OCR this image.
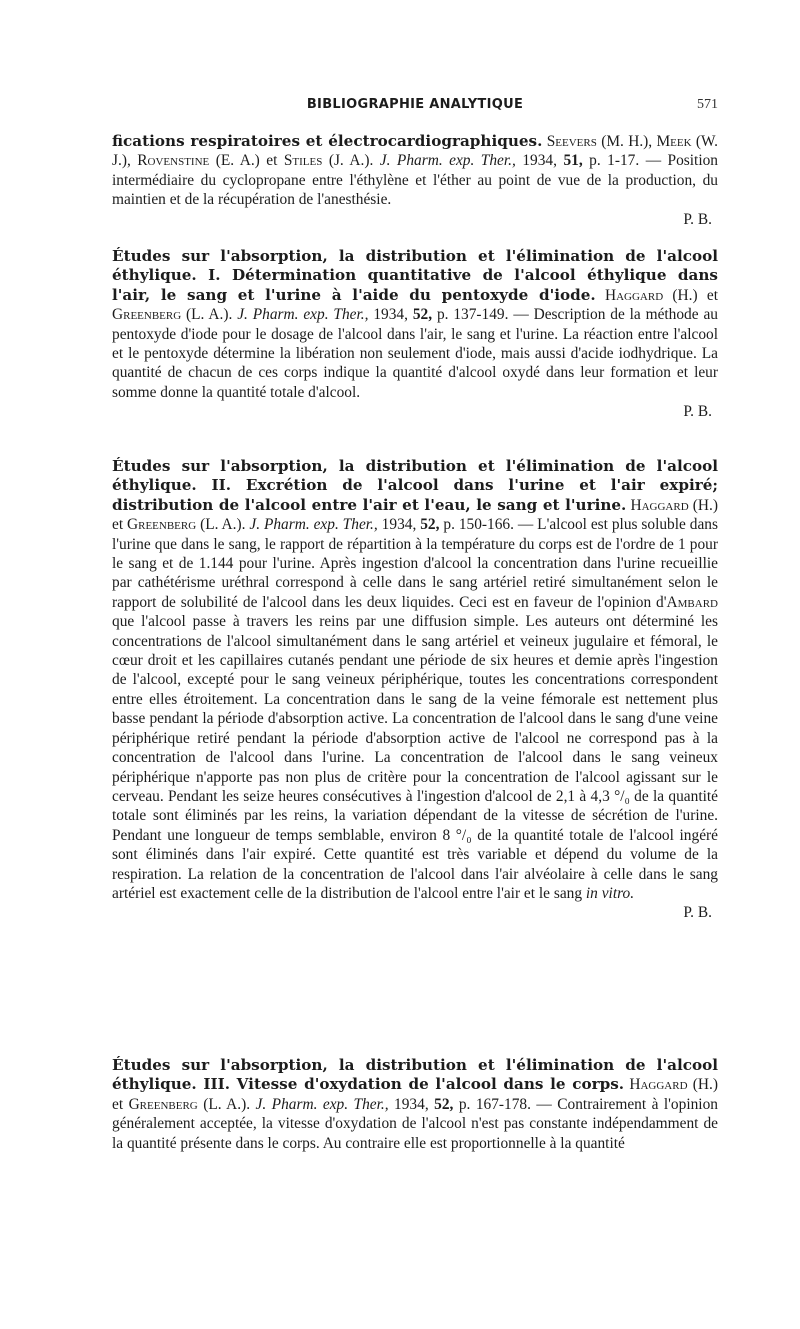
BIBLIOGRAPHIE ANALYTIQUE	571
fications respiratoires et électrocardiographiques. Seevers (M. H.), Meek (W. J.), Rovenstine (E. A.) et Stiles (J. A.). J. Pharm. exp. Ther., 1934, 51, p. 1-17. — Position intermédiaire du cyclopropane entre l'éthylène et l'éther au point de vue de la production, du maintien et de la récupération de l'anesthésie.
P. B.
Études sur l'absorption, la distribution et l'élimination de l'alcool éthylique. I. Détermination quantitative de l'alcool éthylique dans l'air, le sang et l'urine à l'aide du pentoxyde d'iode. Haggard (H.) et Greenberg (L. A.). J. Pharm. exp. Ther., 1934, 52, p. 137-149. — Description de la méthode au pentoxyde d'iode pour le dosage de l'alcool dans l'air, le sang et l'urine. La réaction entre l'alcool et le pentoxyde détermine la libération non seulement d'iode, mais aussi d'acide iodhydrique. La quantité de chacun de ces corps indique la quantité d'alcool oxydé dans leur formation et leur somme donne la quantité totale d'alcool.
P. B.
Études sur l'absorption, la distribution et l'élimination de l'alcool éthylique. II. Excrétion de l'alcool dans l'urine et l'air expiré; distribution de l'alcool entre l'air et l'eau, le sang et l'urine. Haggard (H.) et Greenberg (L. A.). J. Pharm. exp. Ther., 1934, 52, p. 150-166. — L'alcool est plus soluble dans l'urine que dans le sang, le rapport de répartition à la température du corps est de l'ordre de 1 pour le sang et de 1.144 pour l'urine. Après ingestion d'alcool la concentration dans l'urine recueillie par cathétérisme uréthral correspond à celle dans le sang artériel retiré simultanément selon le rapport de solubilité de l'alcool dans les deux liquides. Ceci est en faveur de l'opinion d'Ambard que l'alcool passe à travers les reins par une diffusion simple. Les auteurs ont déterminé les concentrations de l'alcool simultanément dans le sang artériel et veineux jugulaire et fémoral, le cœur droit et les capillaires cutanés pendant une période de six heures et demie après l'ingestion de l'alcool, excepté pour le sang veineux périphérique, toutes les concentrations correspondent entre elles étroitement. La concentration dans le sang de la veine fémorale est nettement plus basse pendant la période d'absorption active. La concentration de l'alcool dans le sang d'une veine périphérique retiré pendant la période d'absorption active de l'alcool ne correspond pas à la concentration de l'alcool dans l'urine. La concentration de l'alcool dans le sang veineux périphérique n'apporte pas non plus de critère pour la concentration de l'alcool agissant sur le cerveau. Pendant les seize heures consécutives à l'ingestion d'alcool de 2,1 à 4,3 °/₀ de la quantité totale sont éliminés par les reins, la variation dépendant de la vitesse de sécrétion de l'urine. Pendant une longueur de temps semblable, environ 8 °/₀ de la quantité totale de l'alcool ingéré sont éliminés dans l'air expiré. Cette quantité est très variable et dépend du volume de la respiration. La relation de la concentration de l'alcool dans l'air alvéolaire à celle dans le sang artériel est exactement celle de la distribution de l'alcool entre l'air et le sang in vitro.
P. B.
Études sur l'absorption, la distribution et l'élimination de l'alcool éthylique. III. Vitesse d'oxydation de l'alcool dans le corps. Haggard (H.) et Greenberg (L. A.). J. Pharm. exp. Ther., 1934, 52, p. 167-178. — Contrairement à l'opinion généralement acceptée, la vitesse d'oxydation de l'alcool n'est pas constante indépendamment de la quantité présente dans le corps. Au contraire elle est proportionnelle à la quantité
